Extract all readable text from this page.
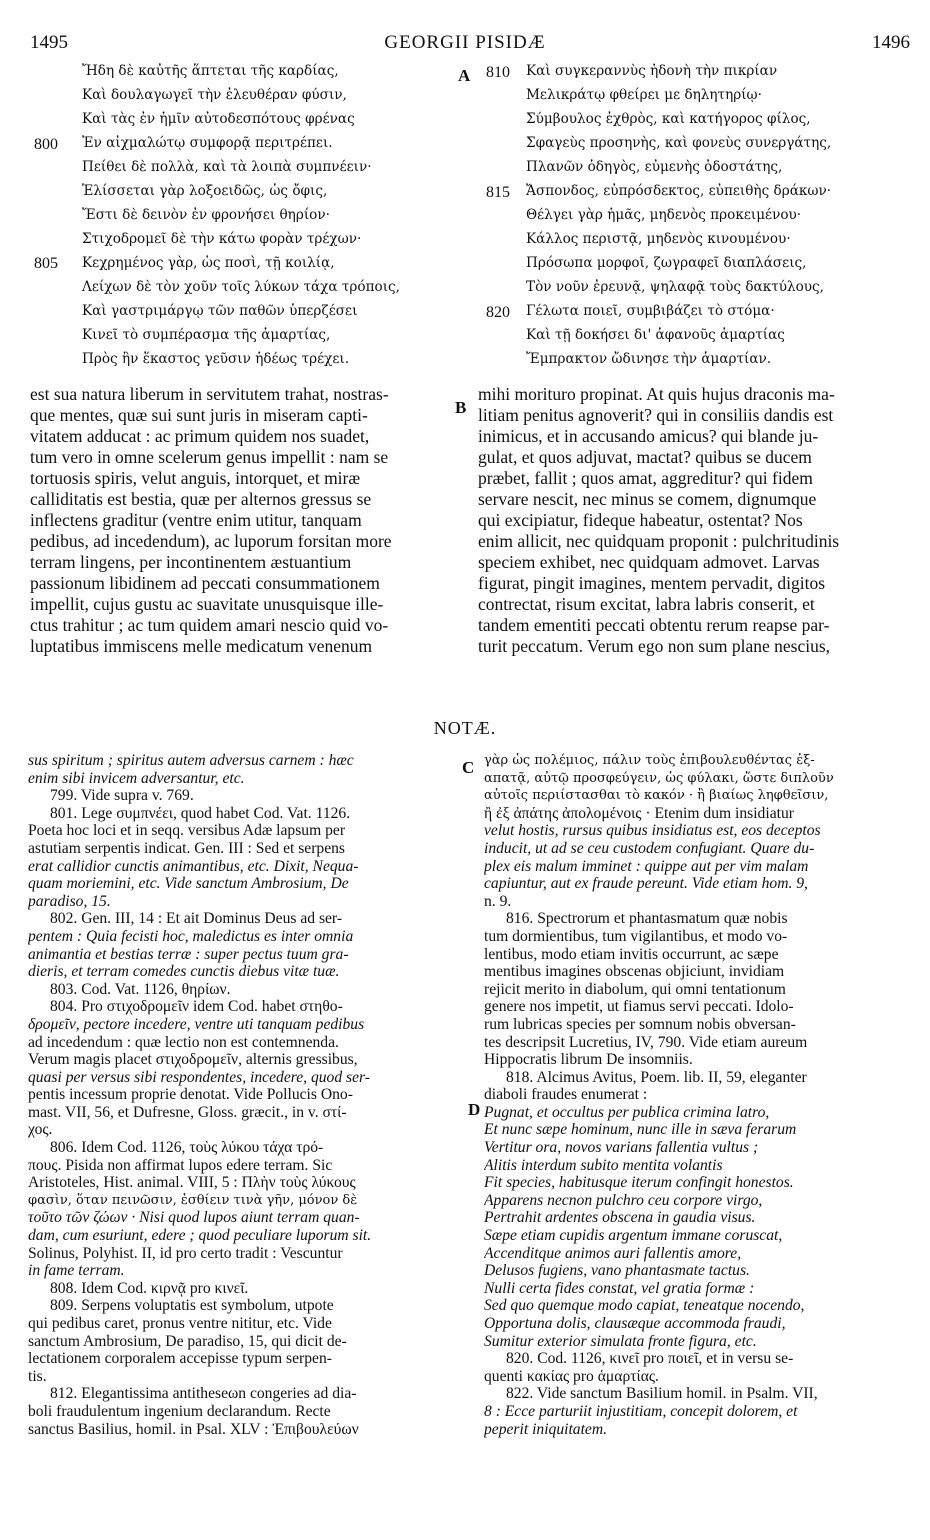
1495	GEORGII PISIDÆ	1496
A
B
C
D
800
805
Ἤδη δὲ καὐτῆς ἅπτεται τῆς καρδίας,
Καὶ δουλαγωγεῖ τὴν ἐλευθέραν φύσιν,
Καὶ τὰς ἐν ἡμῖν αὐτοδεσπότους φρένας
Ἐν αἰχμαλώτῳ συμφορᾷ περιτρέπει.
Πείθει δὲ πολλὰ, καὶ τὰ λοιπὰ συμπνέειν·
Ἑλίσσεται γὰρ λοξοειδῶς, ὡς ὄφις,
Ἔστι δὲ δεινὸν ἐν φρονήσει θηρίον·
Στιχοδρομεῖ δὲ τὴν κάτω φορὰν τρέχων·
Κεχρημένος γὰρ, ὡς ποσὶ, τῇ κοιλίᾳ,
Λείχων δὲ τὸν χοῦν τοῖς λύκων τάχα τρόποις,
Καὶ γαστριμάργῳ τῶν παθῶν ὑπερζέσει
Κινεῖ τὸ συμπέρασμα τῆς ἁμαρτίας,
Πρὸς ἣν ἕκαστος γεῦσιν ἡδέως τρέχει.
810
815
820
Καὶ συγκεραννὺς ἡδονὴ τὴν πικρίαν
Μελικράτῳ φθείρει με δηλητηρίῳ·
Σύμβουλος ἐχθρὸς, καὶ κατήγορος φίλος,
Σφαγεὺς προσηνὴς, καὶ φονεὺς συνεργάτης,
Πλανῶν ὁδηγὸς, εὐμενὴς ὁδοστάτης,
Ἄσπονδος, εὐπρόσδεκτος, εὐπειθὴς δράκων·
Θέλγει γὰρ ἡμᾶς, μηδενὸς προκειμένου·
Κάλλος περιστᾷ, μηδενὸς κινουμένου·
Πρόσωπα μορφοῖ, ζωγραφεῖ διαπλάσεις,
Τὸν νοῦν ἐρευνᾷ, ψηλαφᾷ τοὺς δακτύλους,
Γέλωτα ποιεῖ, συμβιβάζει τὸ στόμα·
Καὶ τῇ δοκήσει δι' ἀφανοῦς ἁμαρτίας
Ἔμπρακτον ὤδινησε τὴν ἁμαρτίαν.
est sua natura liberum in servitutem trahat, nostras-
que mentes, quæ sui sunt juris in miseram capti-
vitatem adducat : ac primum quidem nos suadet,
tum vero in omne scelerum genus impellit : nam se
tortuosis spiris, velut anguis, intorquet, et miræ
calliditatis est bestia, quæ per alternos gressus se
inflectens graditur (ventre enim utitur, tanquam
pedibus, ad incedendum), ac luporum forsitan more
terram lingens, per incontinentem æstuantium
passionum libidinem ad peccati consummationem
impellit, cujus gustu ac suavitate unusquisque ille-
ctus trahitur ; ac tum quidem amari nescio quid vo-
luptatibus immiscens melle medicatum venenum
mihi morituro propinat. At quis hujus draconis ma-
litiam penitus agnoverit? qui in consiliis dandis est
inimicus, et in accusando amicus? qui blande ju-
gulat, et quos adjuvat, mactat? quibus se ducem
præbet, fallit ; quos amat, aggreditur? qui fidem
servare nescit, nec minus se comem, dignumque
qui excipiatur, fideque habeatur, ostentat? Nos
enim allicit, nec quidquam proponit : pulchritudinis
speciem exhibet, nec quidquam admovet. Larvas
figurat, pingit imagines, mentem pervadit, digitos
contrectat, risum excitat, labra labris conserit, et
tandem ementiti peccati obtentu rerum reapse par-
turit peccatum. Verum ego non sum plane nescius,
NOTÆ.
sus spiritum ; spiritus autem adversus carnem : hæc
enim sibi invicem adversantur, etc.
799. Vide supra v. 769.
801. Lege συμπνέει, quod habet Cod. Vat. 1126.
Poeta hoc loci et in seqq. versibus Adæ lapsum per
astutiam serpentis indicat. Gen. III : Sed et serpens
erat callidior cunctis animantibus, etc. Dixit, Nequa-
quam moriemini, etc. Vide sanctum Ambrosium, De
paradiso, 15.
802. Gen. III, 14 : Et ait Dominus Deus ad ser-
pentem : Quia fecisti hoc, maledictus es inter omnia
animantia et bestias terræ : super pectus tuum gra-
dieris, et terram comedes cunctis diebus vitæ tuæ.
803. Cod. Vat. 1126, θηρίων.
804. Pro στιχοδρομεῖν idem Cod. habet στηθο-
δρομεῖν, pectore incedere, ventre uti tanquam pedibus
ad incedendum : quæ lectio non est contemnenda.
Verum magis placet στιχοδρομεῖν, alternis gressibus,
quasi per versus sibi respondentes, incedere, quod ser-
pentis incessum proprie denotat. Vide Pollucis Ono-
mast. VII, 56, et Dufresne, Gloss. græcit., in v. στί-
χος.
806. Idem Cod. 1126, τοὺς λύκου τάχα τρό-
πους. Pisida non affirmat lupos edere terram. Sic
Aristoteles, Hist. animal. VIII, 5 : Πλὴν τοὺς λύκους
φασὶν, ὅταν πεινῶσιν, ἐσθίειν τινὰ γῆν, μόνον δὲ
τοῦτο τῶν ζώων · Nisi quod lupos aiunt terram quan-
dam, cum esuriunt, edere ; quod peculiare luporum sit.
Solinus, Polyhist. II, id pro certo tradit : Vescuntur
in fame terram.
808. Idem Cod. κιρνᾷ pro κινεῖ.
809. Serpens voluptatis est symbolum, utpote
qui pedibus caret, pronus ventre nititur, etc. Vide
sanctum Ambrosium, De paradiso, 15, qui dicit de-
lectationem corporalem accepisse typum serpen-
tis.
812. Elegantissima antitheseωn congeries ad dia-
boli fraudulentum ingenium declarandum. Recte
sanctus Basilius, homil. in Psal. XLV : Ἐπιβουλεύων
γὰρ ὡς πολέμιος, πάλιν τοὺς ἐπιβουλευθέντας ἐξ-
απατᾷ, αὐτῷ προσφεύγειν, ὡς φύλακι, ὥστε διπλοῦν
αὐτοῖς περιίστασθαι τὸ κακόν · ἢ βιαίως ληφθεῖσιν,
ἢ ἐξ ἀπάτης ἀπολομένοις · Etenim dum insidiatur
velut hostis, rursus quibus insidiatus est, eos deceptos
inducit, ut ad se ceu custodem confugiant. Quare du-
plex eis malum imminet : quippe aut per vim malam
capiuntur, aut ex fraude pereunt. Vide etiam hom. 9,
n. 9.
816. Spectrorum et phantasmatum quæ nobis
tum dormientibus, tum vigilantibus, et modo vo-
lentibus, modo etiam invitis occurrunt, ac sæpe
mentibus imagines obscenas objiciunt, invidiam
rejicit merito in diabolum, qui omni tentationum
genere nos impetit, ut fiamus servi peccati. Idolo-
rum lubricas species per somnum nobis obversan-
tes descripsit Lucretius, IV, 790. Vide etiam aureum
Hippocratis librum De insomniis.
818. Alcimus Avitus, Poem. lib. II, 59, eleganter
diaboli fraudes enumerat :
Pugnat, et occultus per publica crimina latro,
Et nunc sæpe hominum, nunc ille in sæva ferarum
Vertitur ora, novos varians fallentia vultus ;
Alitis interdum subito mentita volantis
Fit species, habitusque iterum confingit honestos.
Apparens necnon pulchro ceu corpore virgo,
Pertrahit ardentes obscena in gaudia visus.
Sæpe etiam cupidis argentum immane coruscat,
Accenditque animos auri fallentis amore,
Delusos fugiens, vano phantasmate tactus.
Nulli certa fides constat, vel gratia formæ :
Sed quo quemque modo capiat, teneatque nocendo,
Opportuna dolis, clausæque accommoda fraudi,
Sumitur exterior simulata fronte figura, etc.
820. Cod. 1126, κινεῖ pro ποιεῖ, et in versu se-
quenti κακίας pro ἁμαρτίας.
822. Vide sanctum Basilium homil. in Psalm. VII,
8 : Ecce parturiit injustitiam, concepit dolorem, et
peperit iniquitatem.
